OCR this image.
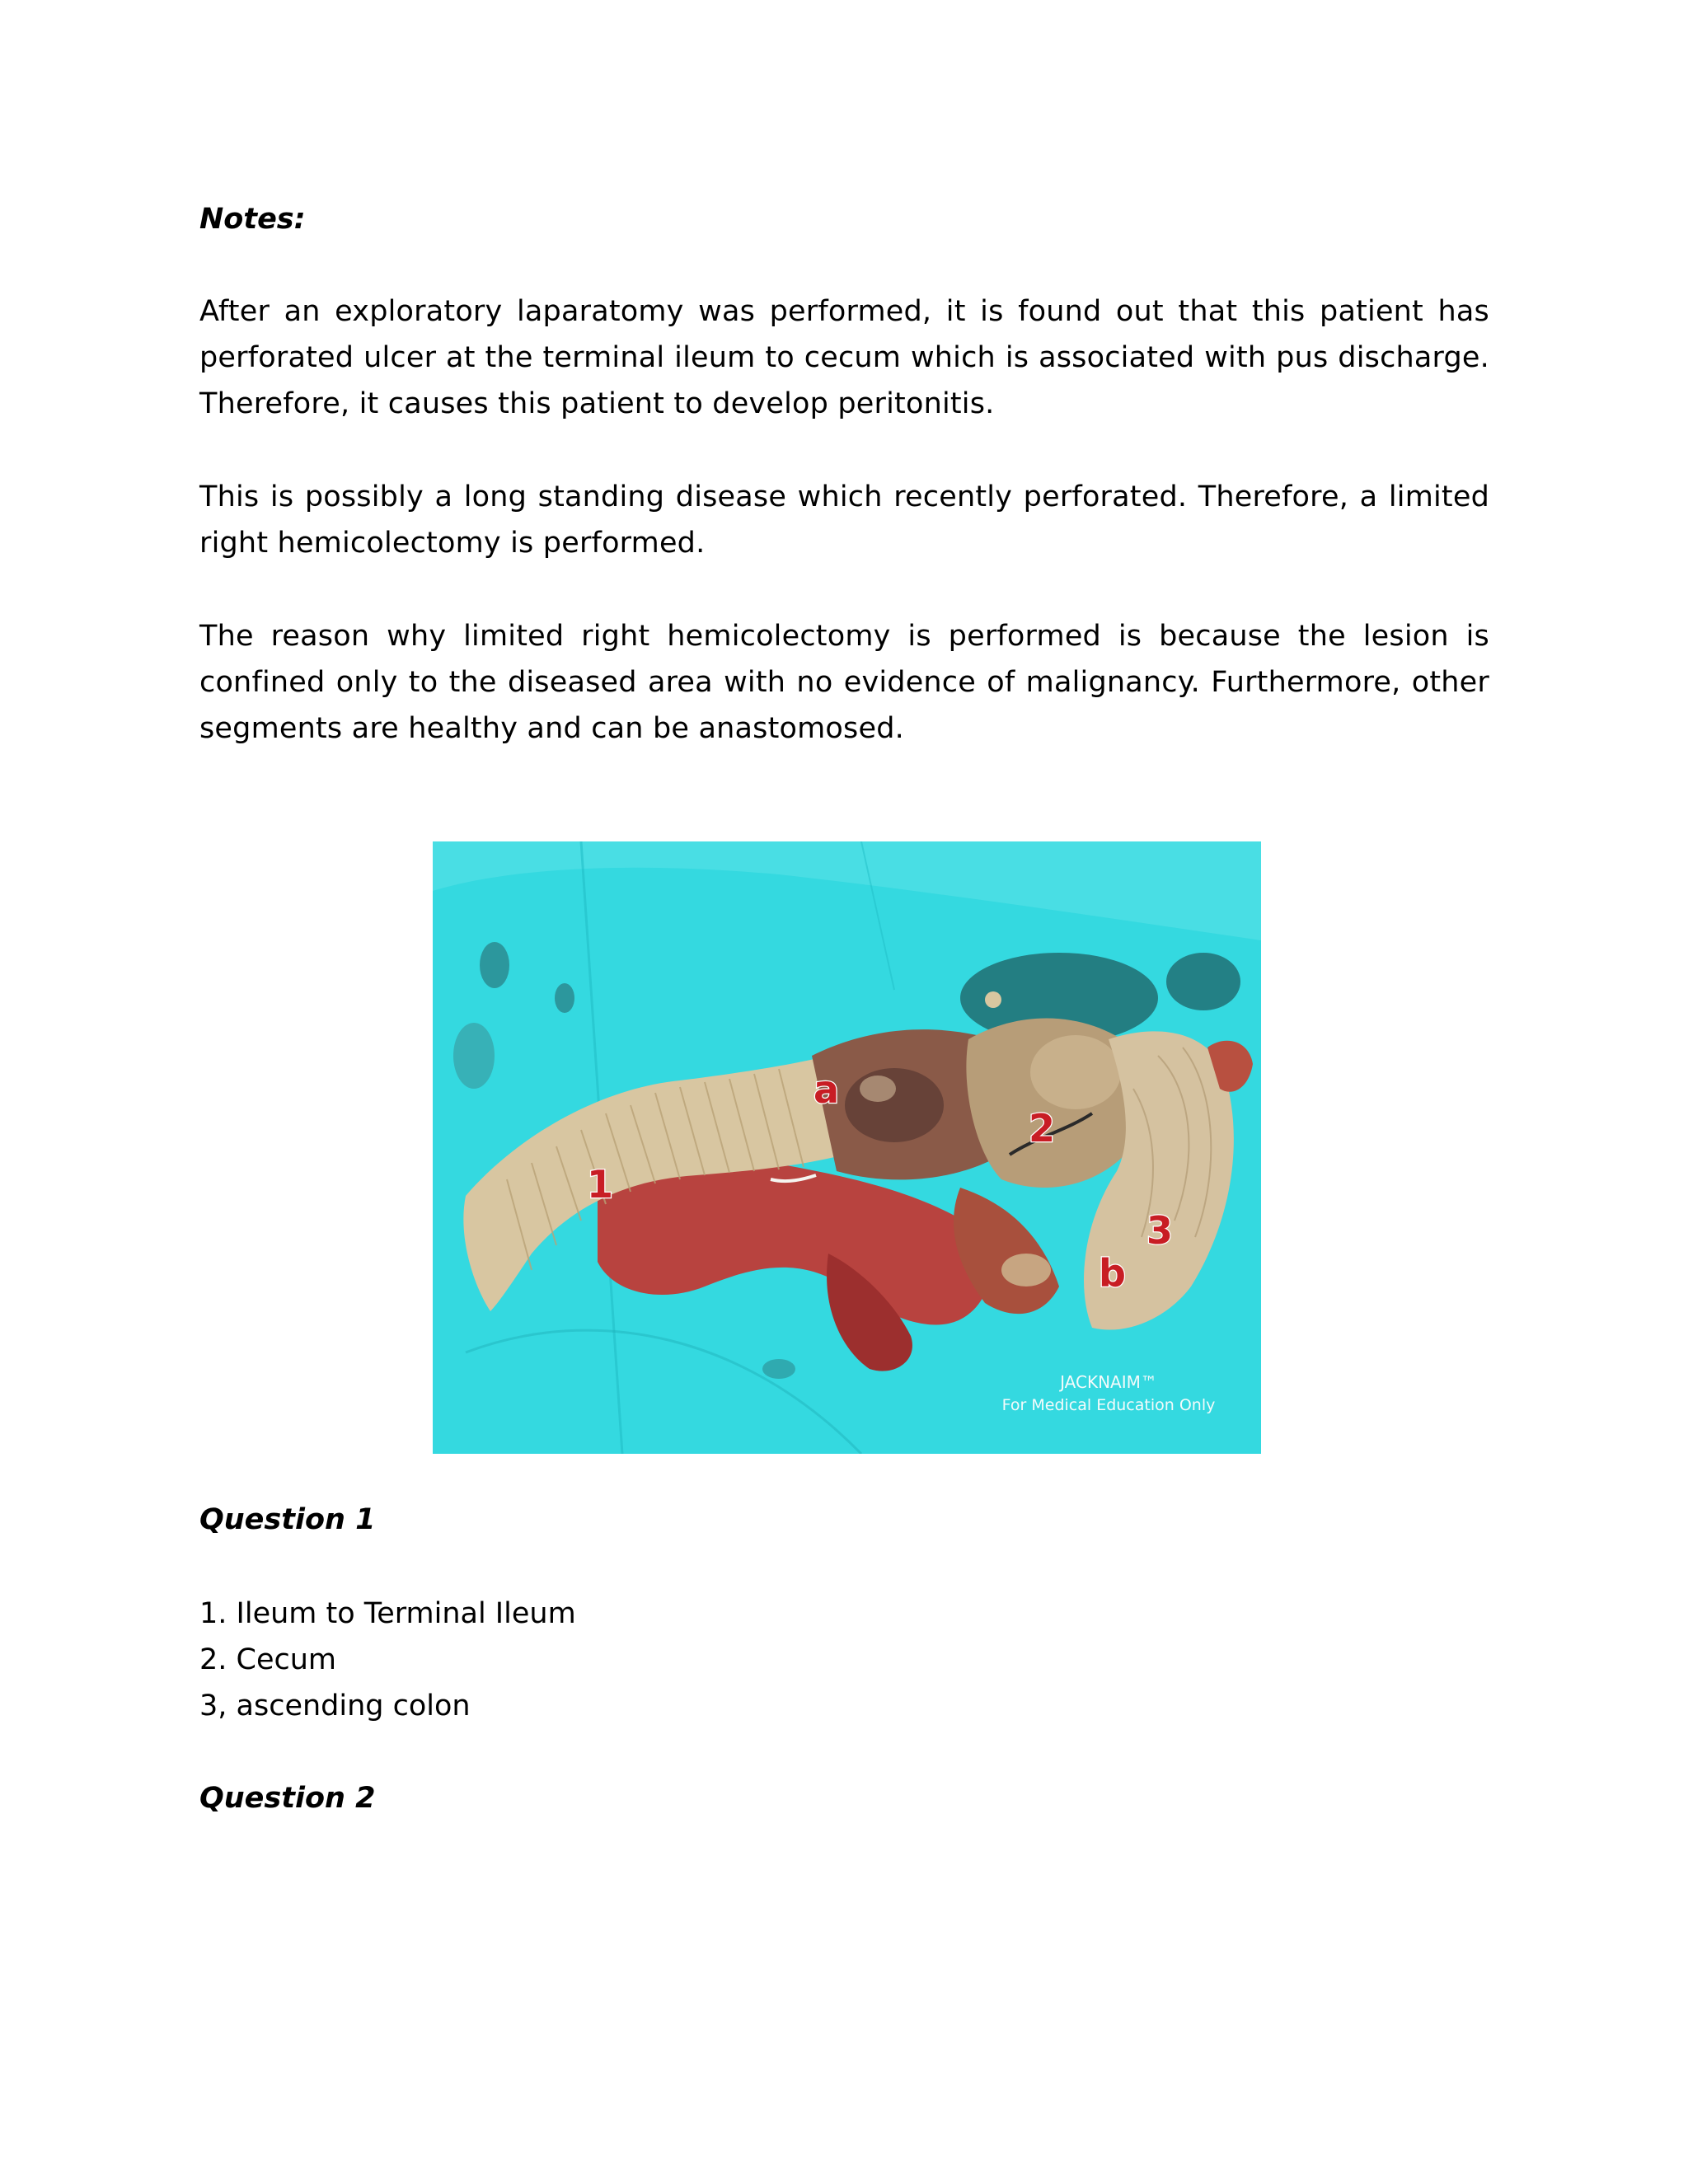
Notes:

After an exploratory laparatomy was performed, it is found out that this patient has perforated ulcer at the terminal ileum to cecum which is associated with pus discharge. Therefore, it causes this patient to develop peritonitis.

This is possibly a long standing disease which recently perforated. Therefore, a limited right hemicolectomy is performed.

The reason why limited right hemicolectomy is performed is because the lesion is confined only to the diseased area with no evidence of malignancy. Furthermore, other segments are healthy and can be anastomosed.

1
a
2
3
b
JACKNAIM™
For Medical Education Only

Question 1

1. Ileum to Terminal Ileum

2. Cecum

3, ascending colon

Question 2
